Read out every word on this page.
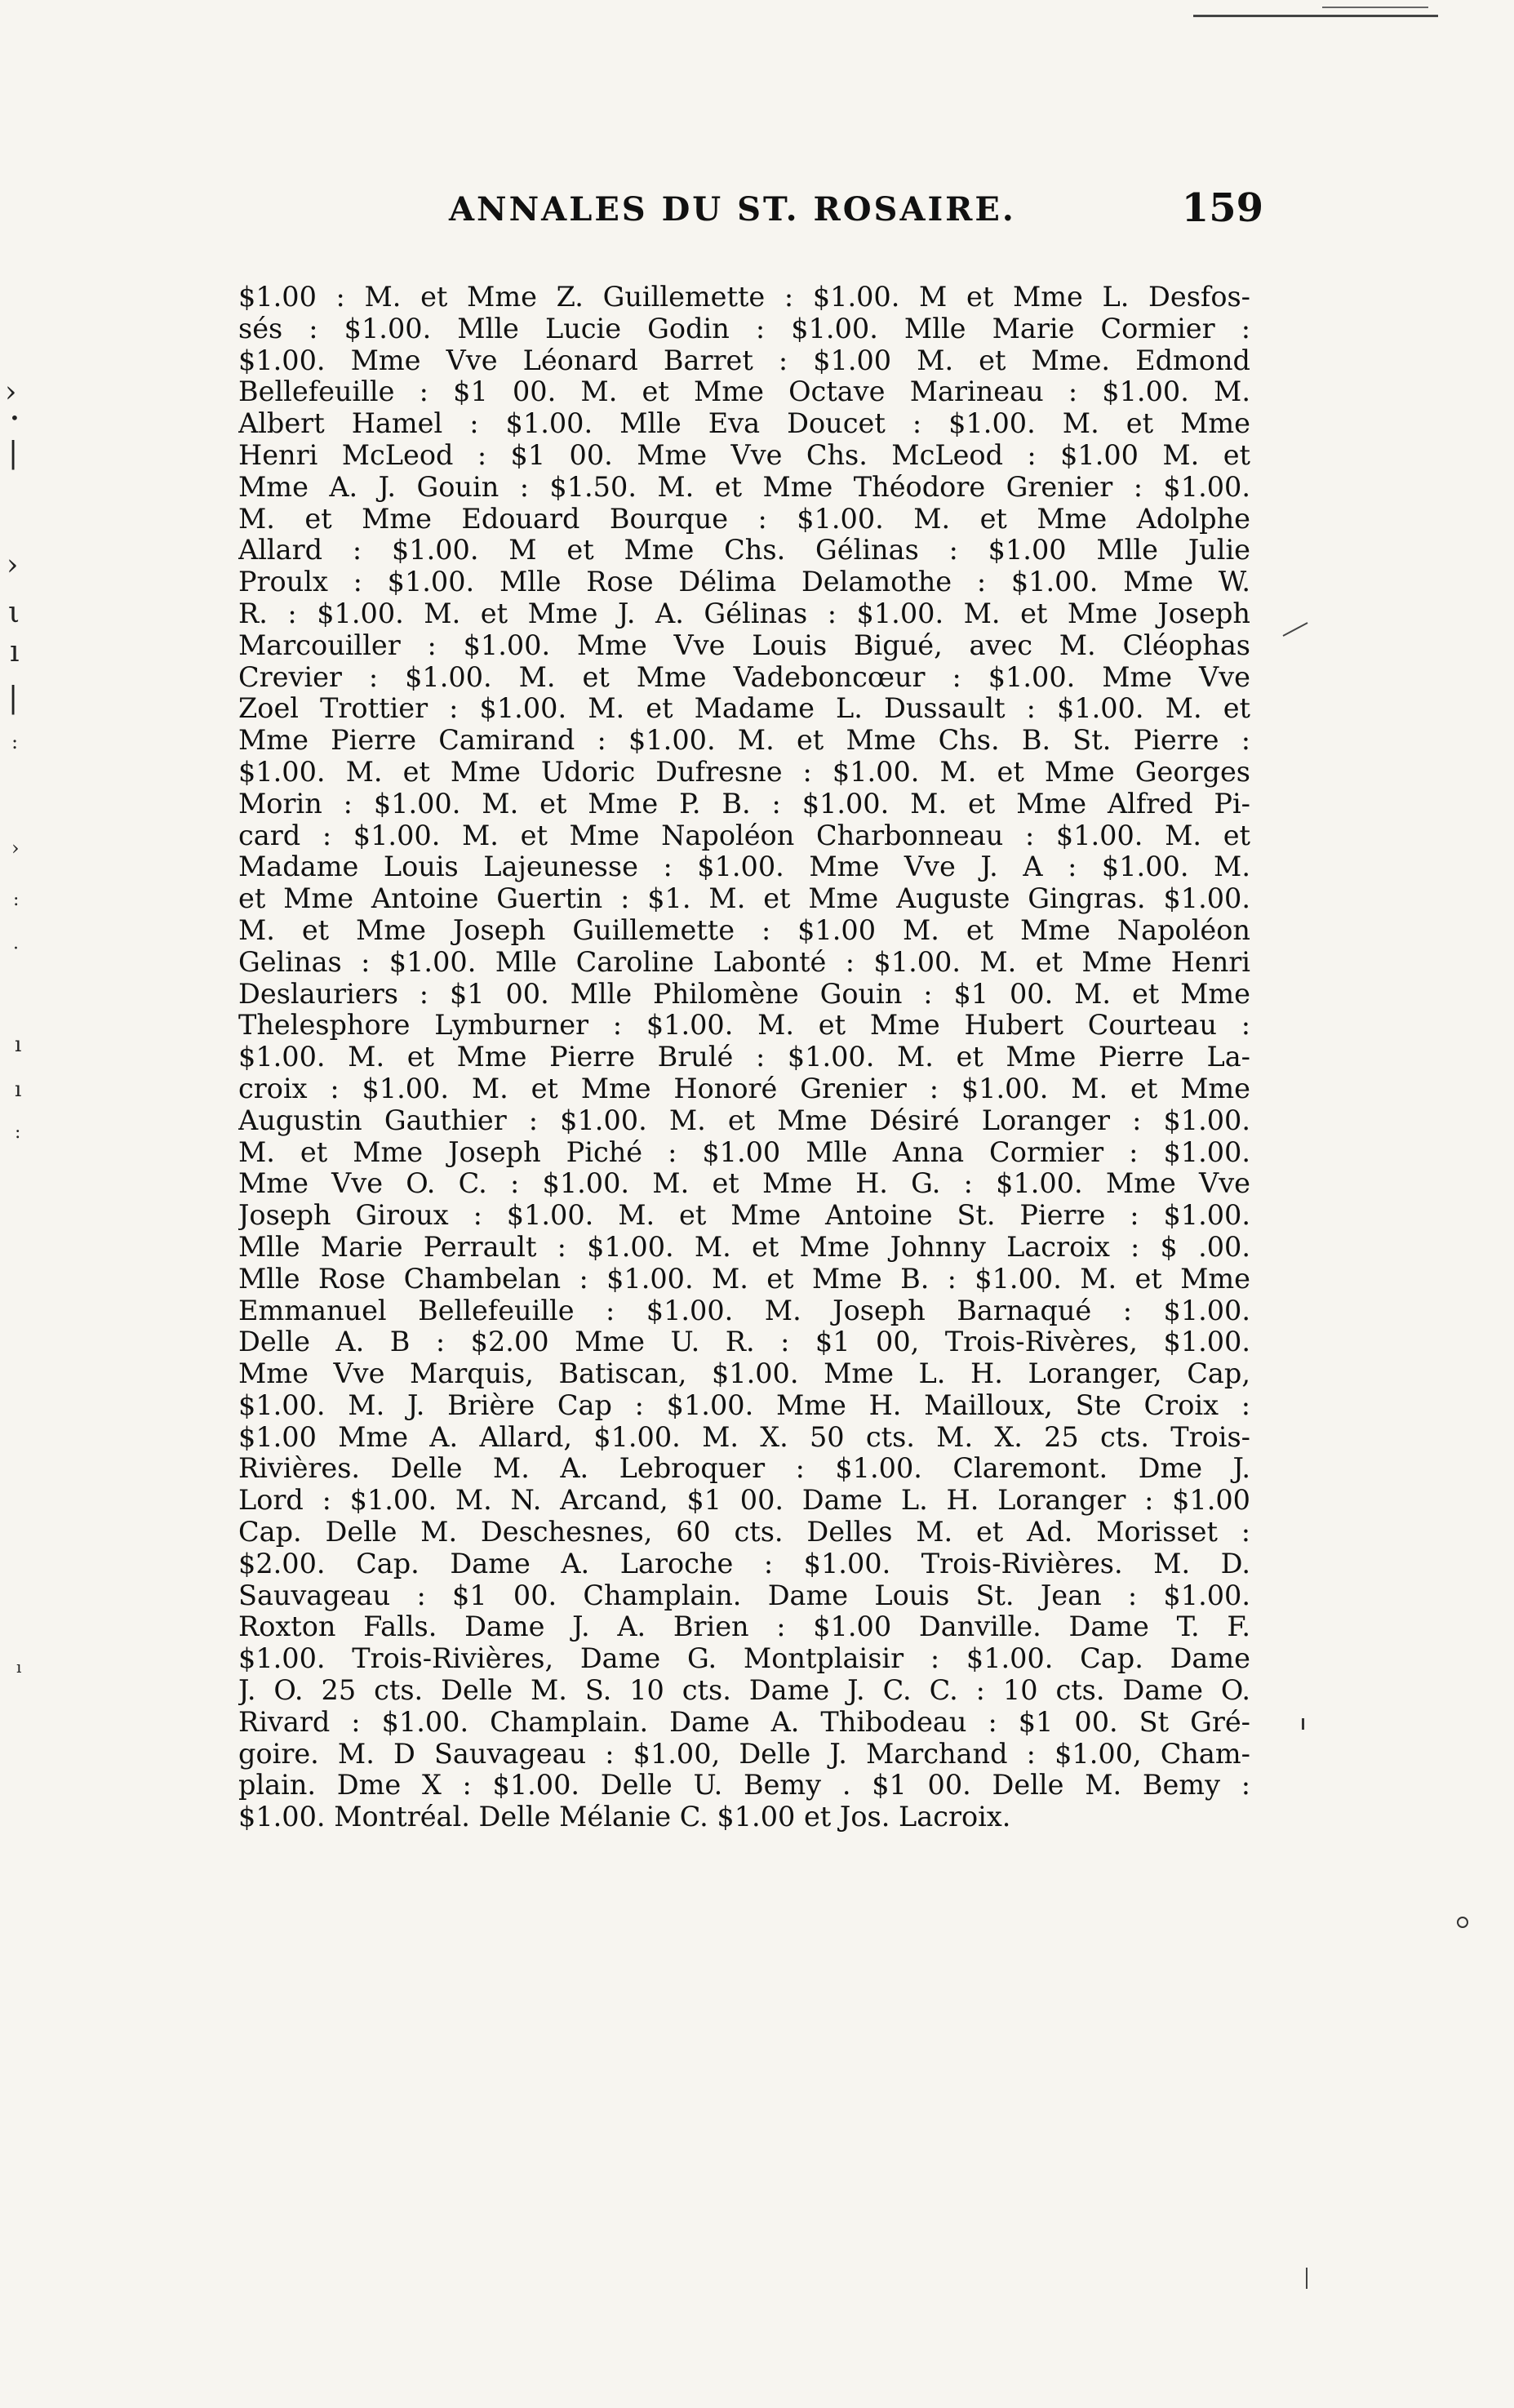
›
•
|
›
ι
ı
|
:
›
:
·
ı
ı
:
ı
ANNALES DU ST. ROSAIRE.	159
$1.00 : M. et Mme Z. Guillemette : $1.00. M et Mme L. Desfos-
sés : $1.00. Mlle Lucie Godin : $1.00. Mlle Marie Cormier :
$1.00. Mme Vve Léonard Barret : $1.00 M. et Mme. Edmond
Bellefeuille : $1 00. M. et Mme Octave Marineau : $1.00. M.
Albert Hamel : $1.00. Mlle Eva Doucet : $1.00. M. et Mme
Henri McLeod : $1 00. Mme Vve Chs. McLeod : $1.00 M. et
Mme A. J. Gouin : $1.50. M. et Mme Théodore Grenier : $1.00.
M. et Mme Edouard Bourque : $1.00. M. et Mme Adolphe
Allard : $1.00. M et Mme Chs. Gélinas : $1.00 Mlle Julie
Proulx : $1.00. Mlle Rose Délima Delamothe : $1.00. Mme W.
R. : $1.00. M. et Mme J. A. Gélinas : $1.00. M. et Mme Joseph
Marcouiller : $1.00. Mme Vve Louis Bigué, avec M. Cléophas
Crevier : $1.00. M. et Mme Vadeboncœur : $1.00. Mme Vve
Zoel Trottier : $1.00. M. et Madame L. Dussault : $1.00. M. et
Mme Pierre Camirand : $1.00. M. et Mme Chs. B. St. Pierre :
$1.00. M. et Mme Udoric Dufresne : $1.00. M. et Mme Georges
Morin : $1.00. M. et Mme P. B. : $1.00. M. et Mme Alfred Pi-
card : $1.00. M. et Mme Napoléon Charbonneau : $1.00. M. et
Madame Louis Lajeunesse : $1.00. Mme Vve J. A : $1.00. M.
et Mme Antoine Guertin : $1. M. et Mme Auguste Gingras. $1.00.
M. et Mme Joseph Guillemette : $1.00 M. et Mme Napoléon
Gelinas : $1.00. Mlle Caroline Labonté : $1.00. M. et Mme Henri
Deslauriers : $1 00. Mlle Philomène Gouin : $1 00. M. et Mme
Thelesphore Lymburner : $1.00. M. et Mme Hubert Courteau :
$1.00. M. et Mme Pierre Brulé : $1.00. M. et Mme Pierre La-
croix : $1.00. M. et Mme Honoré Grenier : $1.00. M. et Mme
Augustin Gauthier : $1.00. M. et Mme Désiré Loranger : $1.00.
M. et Mme Joseph Piché : $1.00 Mlle Anna Cormier : $1.00.
Mme Vve O. C. : $1.00. M. et Mme H. G. : $1.00. Mme Vve
Joseph Giroux : $1.00. M. et Mme Antoine St. Pierre : $1.00.
Mlle Marie Perrault : $1.00. M. et Mme Johnny Lacroix : $ .00.
Mlle Rose Chambelan : $1.00. M. et Mme B. : $1.00. M. et Mme
Emmanuel Bellefeuille : $1.00. M. Joseph Barnaqué : $1.00.
Delle A. B : $2.00 Mme U. R. : $1 00, Trois-Rivères, $1.00.
Mme Vve Marquis, Batiscan, $1.00. Mme L. H. Loranger, Cap,
$1.00. M. J. Brière Cap : $1.00. Mme H. Mailloux, Ste Croix :
$1.00 Mme A. Allard, $1.00. M. X. 50 cts. M. X. 25 cts. Trois-
Rivières. Delle M. A. Lebroquer : $1.00. Claremont. Dme J.
Lord : $1.00. M. N. Arcand, $1 00. Dame L. H. Loranger : $1.00
Cap. Delle M. Deschesnes, 60 cts. Delles M. et Ad. Morisset :
$2.00. Cap. Dame A. Laroche : $1.00. Trois-Rivières. M. D.
Sauvageau : $1 00. Champlain. Dame Louis St. Jean : $1.00.
Roxton Falls. Dame J. A. Brien : $1.00 Danville. Dame T. F.
$1.00. Trois-Rivières, Dame G. Montplaisir : $1.00. Cap. Dame
J. O. 25 cts. Delle M. S. 10 cts. Dame J. C. C. : 10 cts. Dame O.
Rivard : $1.00. Champlain. Dame A. Thibodeau : $1 00. St Gré-
goire. M. D Sauvageau : $1.00, Delle J. Marchand : $1.00, Cham-
plain. Dme X : $1.00. Delle U. Bemy . $1 00. Delle M. Bemy :
$1.00. Montréal. Delle Mélanie C. $1.00 et Jos. Lacroix.
